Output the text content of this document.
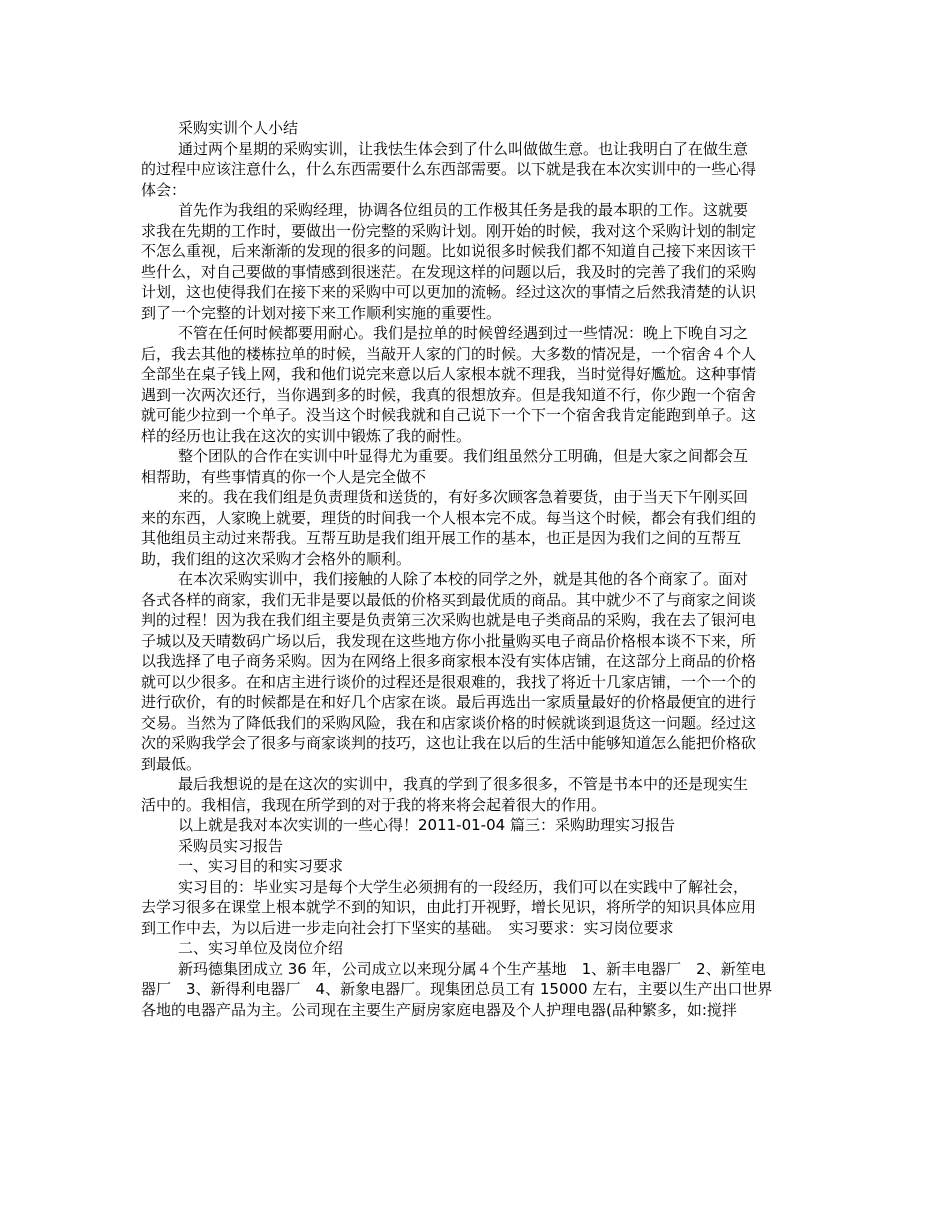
采购实训个人小结
通过两个星期的采购实训，让我怯生体会到了什么叫做做生意。也让我明白了在做生意
的过程中应该注意什么，什么东西需要什么东西部需要。以下就是我在本次实训中的一些心得
体会：
首先作为我组的采购经理，协调各位组员的工作极其任务是我的最本职的工作。这就要
求我在先期的工作时，要做出一份完整的采购计划。刚开始的时候，我对这个采购计划的制定
不怎么重视，后来渐渐的发现的很多的问题。比如说很多时候我们都不知道自己接下来因该干
些什么，对自己要做的事情感到很迷茫。在发现这样的问题以后，我及时的完善了我们的采购
计划，这也使得我们在接下来的采购中可以更加的流畅。经过这次的事情之后然我清楚的认识
到了一个完整的计划对接下来工作顺利实施的重要性。
不管在任何时候都要用耐心。我们是拉单的时候曾经遇到过一些情况：晚上下晚自习之
后，我去其他的楼栋拉单的时候，当敲开人家的门的时候。大多数的情况是，一个宿舍４个人
全部坐在桌子钱上网，我和他们说完来意以后人家根本就不理我，当时觉得好尷尬。这种事情
遇到一次两次还行，当你遇到多的时候，我真的很想放弃。但是我知道不行，你少跑一个宿舍
就可能少拉到一个单子。没当这个时候我就和自己说下一个下一个宿舍我肯定能跑到单子。这
样的经历也让我在这次的实训中锻炼了我的耐性。
整个团队的合作在实训中叶显得尤为重要。我们组虽然分工明确，但是大家之间都会互
相帮助，有些事情真的你一个人是完全做不
来的。我在我们组是负责理货和送货的，有好多次顾客急着要货，由于当天下午刚买回
来的东西，人家晚上就要，理货的时间我一个人根本完不成。每当这个时候，都会有我们组的
其他组员主动过来帮我。互帮互助是我们组开展工作的基本，也正是因为我们之间的互帮互
助，我们组的这次采购才会格外的顺利。
在本次采购实训中，我们接触的人除了本校的同学之外，就是其他的各个商家了。面对
各式各样的商家，我们无非是要以最低的价格买到最优质的商品。其中就少不了与商家之间谈
判的过程！因为我在我们组主要是负责第三次采购也就是电子类商品的采购，我在去了银河电
子城以及天晴数码广场以后，我发现在这些地方你小批量购买电子商品价格根本谈不下来，所
以我选择了电子商务采购。因为在网络上很多商家根本没有实体店铺，在这部分上商品的价格
就可以少很多。在和店主进行谈价的过程还是很艰难的，我找了将近十几家店铺，一个一个的
进行砍价，有的时候都是在和好几个店家在谈。最后再选出一家质量最好的价格最便宜的进行
交易。当然为了降低我们的采购风险，我在和店家谈价格的时候就谈到退货这一问题。经过这
次的采购我学会了很多与商家谈判的技巧，这也让我在以后的生活中能够知道怎么能把价格砍
到最低。
最后我想说的是在这次的实训中，我真的学到了很多很多，不管是书本中的还是现实生
活中的。我相信，我现在所学到的对于我的将来将会起着很大的作用。
以上就是我对本次实训的一些心得！2011-01-04 篇三：采购助理实习报告
采购员实习报告
一、实习目的和实习要求
实习目的：毕业实习是每个大学生必须拥有的一段经历，我们可以在实践中了解社会，
去学习很多在课堂上根本就学不到的知识，由此打开视野，增长见识，将所学的知识具体应用
到工作中去，为以后进一步走向社会打下坚实的基础。　实习要求：实习岗位要求
二、实习单位及岗位介绍
新玛德集团成立 36 年，公司成立以来现分属４个生产基地　1、新丰电器厂　2、新笙电
器厂　3、新得利电器厂　4、新象电器厂。现集团总员工有 15000 左右，主要以生产出口世界
各地的电器产品为主。公司现在主要生产厨房家庭电器及个人护理电器(品种繁多，如:搅拌
